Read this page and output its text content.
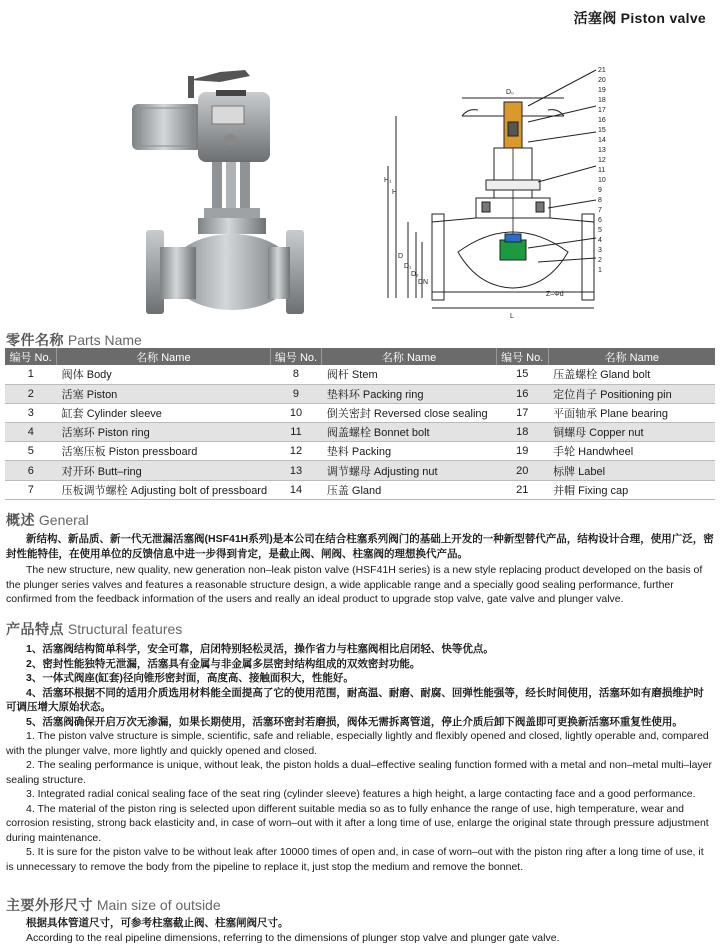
活塞阀 Piston valve
21
20
19
18
17
16
15
14
13
12
11
10
9
8
7
6
5
4
3
2
1
D₀
H₁
H
D
D₁
D₂
DN
Z–Φd
L
零件名称 Parts Name
编号 No.	名称 Name	编号 No.	名称 Name	编号 No.	名称 Name
1	阀体 Body	8	阀杆 Stem	15	压盖螺栓 Gland bolt
2	活塞 Piston	9	垫料环 Packing ring	16	定位肖子 Positioning pin
3	缸套 Cylinder sleeve	10	倒关密封 Reversed close sealing	17	平面轴承 Plane bearing
4	活塞环 Piston ring	11	阀盖螺栓 Bonnet bolt	18	铜螺母 Copper nut
5	活塞压板 Piston pressboard	12	垫料 Packing	19	手轮 Handwheel
6	对开环 Butt–ring	13	调节螺母 Adjusting nut	20	标牌 Label
7	压板调节螺栓 Adjusting bolt of pressboard	14	压盖 Gland	21	并帽 Fixing cap
概述 General

新结构、新品质、新一代无泄漏活塞阀(HSF41H系列)是本公司在结合柱塞系列阀门的基础上开发的一种新型替代产品，结构设计合理，使用广泛，密封性能特佳，在使用单位的反馈信息中进一步得到肯定，是截止阀、闸阀、柱塞阀的理想换代产品。

The new structure, new quality, new generation non–leak piston valve (HSF41H series) is a new style replacing product developed on the basis of the plunger series valves and features a reasonable structure design, a wide applicable range and a specially good sealing performance, further confirmed from the feedback information of the users and really an ideal product to upgrade stop valve, gate valve and plunger valve.

产品特点 Structural features

1、活塞阀结构简单科学，安全可靠，启闭特别轻松灵活，操作省力与柱塞阀相比启闭轻、快等优点。

2、密封性能独特无泄漏，活塞具有金属与非金属多层密封结构组成的双效密封功能。

3、一体式阀座(缸套)径向锥形密封面，高度高、接触面积大，性能好。

4、活塞环根据不同的适用介质选用材料能全面提高了它的使用范围，耐高温、耐磨、耐腐、回弹性能强等，经长时间使用，活塞环如有磨损维护时可调压增大原始状态。

5、活塞阀确保开启万次无渗漏，如果长期使用，活塞环密封若磨损，阀体无需拆离管道，停止介质后卸下阀盖即可更换新活塞环重复性使用。

1. The piston valve structure is simple, scientific, safe and reliable, especially lightly and flexibly opened and closed, lightly operable and, compared with the plunger valve, more lightly and quickly opened and closed.

2. The sealing performance is unique, without leak, the piston holds a dual–effective sealing function formed with a metal and non–metal multi–layer sealing structure.

3. Integrated radial conical sealing face of the seat ring (cylinder sleeve) features a high height, a large contacting face and a good performance.

4. The material of the piston ring is selected upon different suitable media so as to fully enhance the range of use, high temperature, wear and corrosion resisting, strong back elasticity and, in case of worn–out with it after a long time of use, enlarge the original state through pressure adjustment during maintenance.

5. It is sure for the piston valve to be without leak after 10000 times of open and, in case of worn–out with the piston ring after a long time of use, it is unnecessary to remove the body from the pipeline to replace it, just stop the medium and remove the bonnet.

主要外形尺寸 Main size of outside

根据具体管道尺寸，可参考柱塞截止阀、柱塞闸阀尺寸。

According to the real pipeline dimensions, referring to the dimensions of plunger stop valve and plunger gate valve.
